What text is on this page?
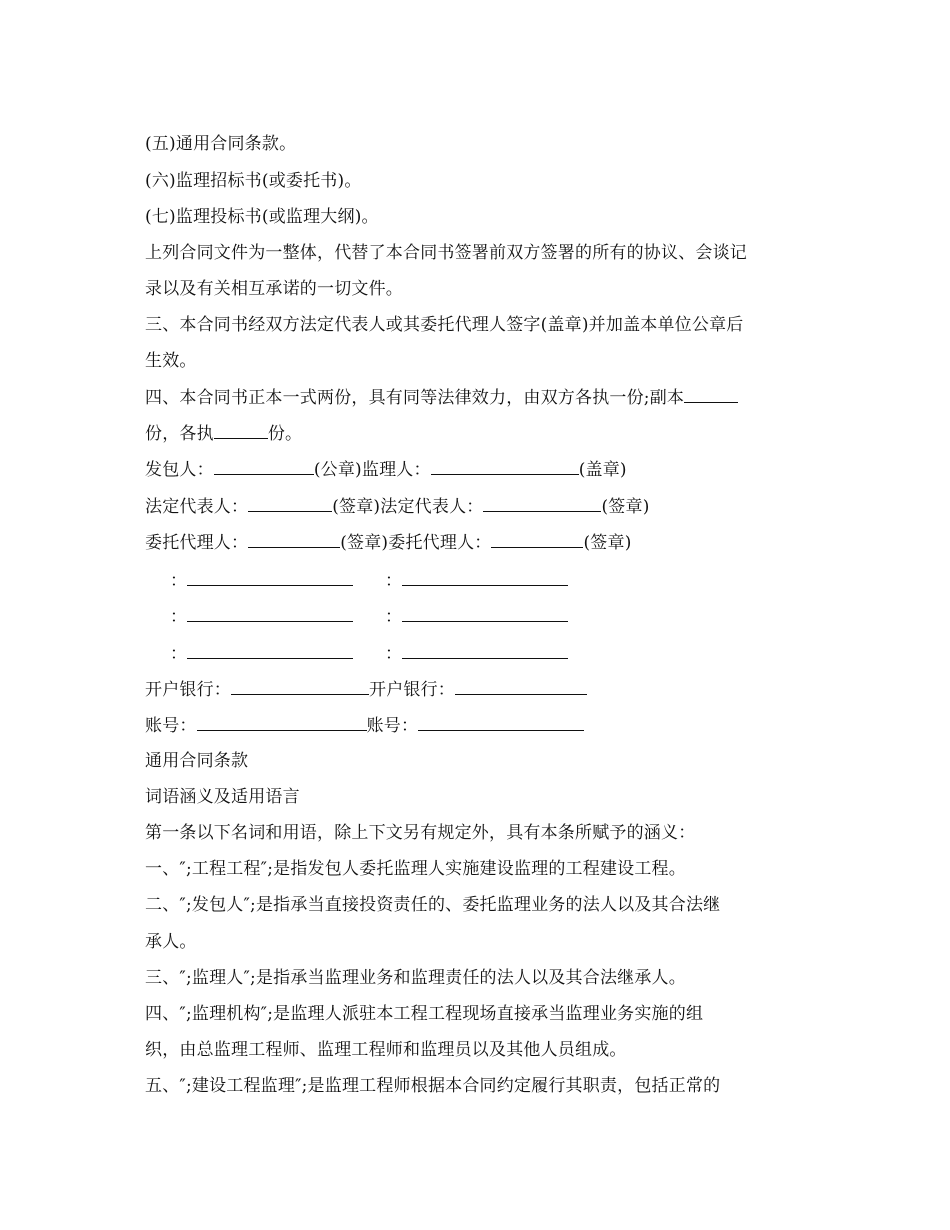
(五)通用合同条款。
(六)监理招标书(或委托书)。
(七)监理投标书(或监理大纲)。
上列合同文件为一整体，代替了本合同书签署前双方签署的所有的协议、会谈记
录以及有关相互承诺的一切文件。
三、本合同书经双方法定代表人或其委托代理人签字(盖章)并加盖本单位公章后
生效。
四、本合同书正本一式两份，具有同等法律效力，由双方各执一份;副本
份，各执	份。
发包人：	(公章)监理人：	(盖章)
法定代表人：	(签章)法定代表人：	(签章)
委托代理人：	(签章)委托代理人：	(签章)
：	：
：	：
：	：
开户银行：	开户银行：
账号：	账号：
通用合同条款
词语涵义及适用语言
第一条以下名词和用语，除上下文另有规定外，具有本条所赋予的涵义：
一、″;工程工程″;是指发包人委托监理人实施建设监理的工程建设工程。
二、″;发包人″;是指承当直接投资责任的、委托监理业务的法人以及其合法继
承人。
三、″;监理人″;是指承当监理业务和监理责任的法人以及其合法继承人。
四、″;监理机构″;是监理人派驻本工程工程现场直接承当监理业务实施的组
织，由总监理工程师、监理工程师和监理员以及其他人员组成。
五、″;建设工程监理″;是监理工程师根据本合同约定履行其职责，包括正常的
